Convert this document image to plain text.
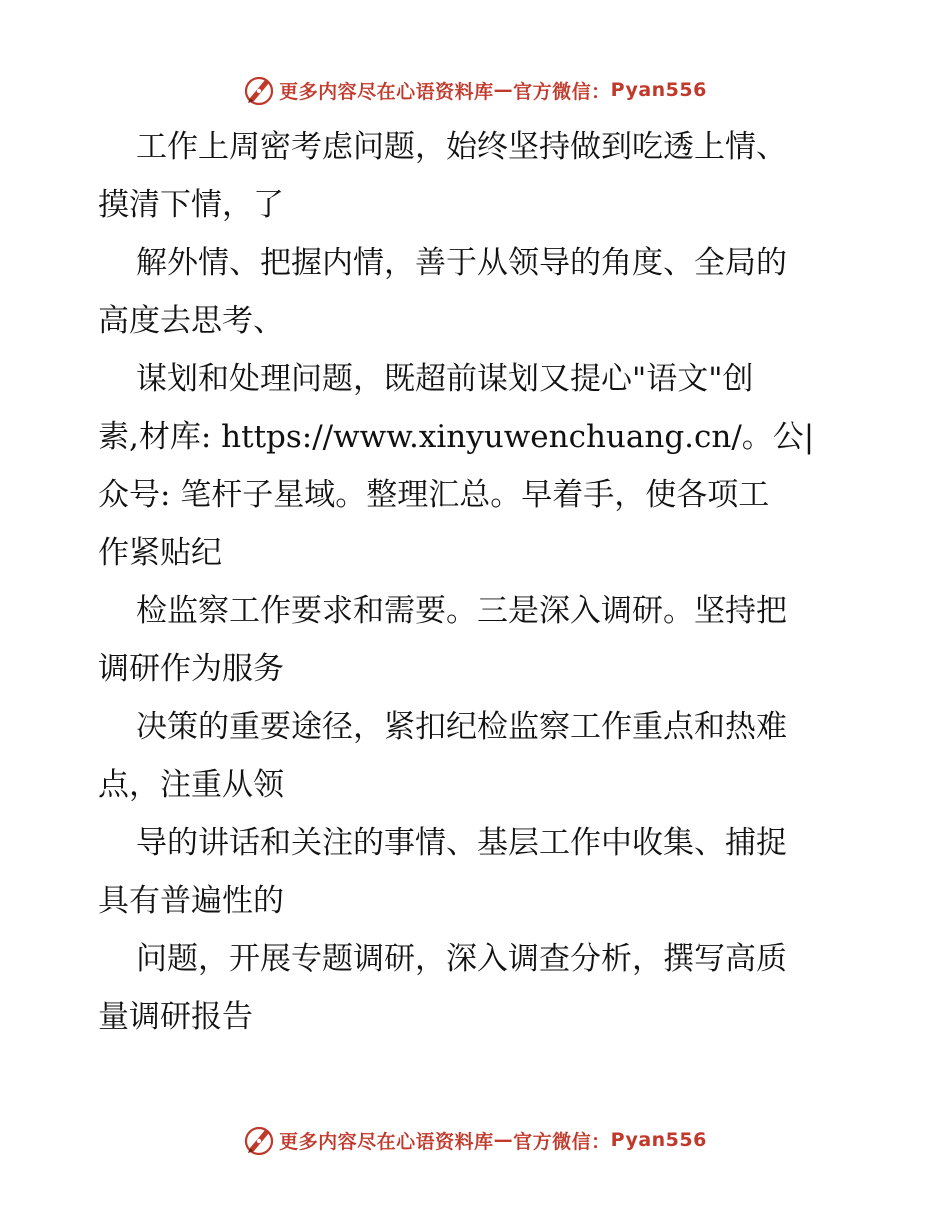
更多内容尽在心语资料库 — 官方微信： Pyan556
工作上周密考虑问题，始终坚持做到吃透上情、
摸清下情，了
解外情、把握内情，善于从领导的角度、全局的
高度去思考、
谋划和处理问题，既超前谋划又提心"语文"创
素,材库: https://www.xinyuwenchuang.cn/。公|
众号: 笔杆子星域。整理汇总。早着手，使各项工
作紧贴纪
检监察工作要求和需要。三是深入调研。坚持把
调研作为服务
决策的重要途径，紧扣纪检监察工作重点和热难
点，注重从领
导的讲话和关注的事情、基层工作中收集、捕捉
具有普遍性的
问题，开展专题调研，深入调查分析，撰写高质
量调研报告
更多内容尽在心语资料库 — 官方微信： Pyan556
